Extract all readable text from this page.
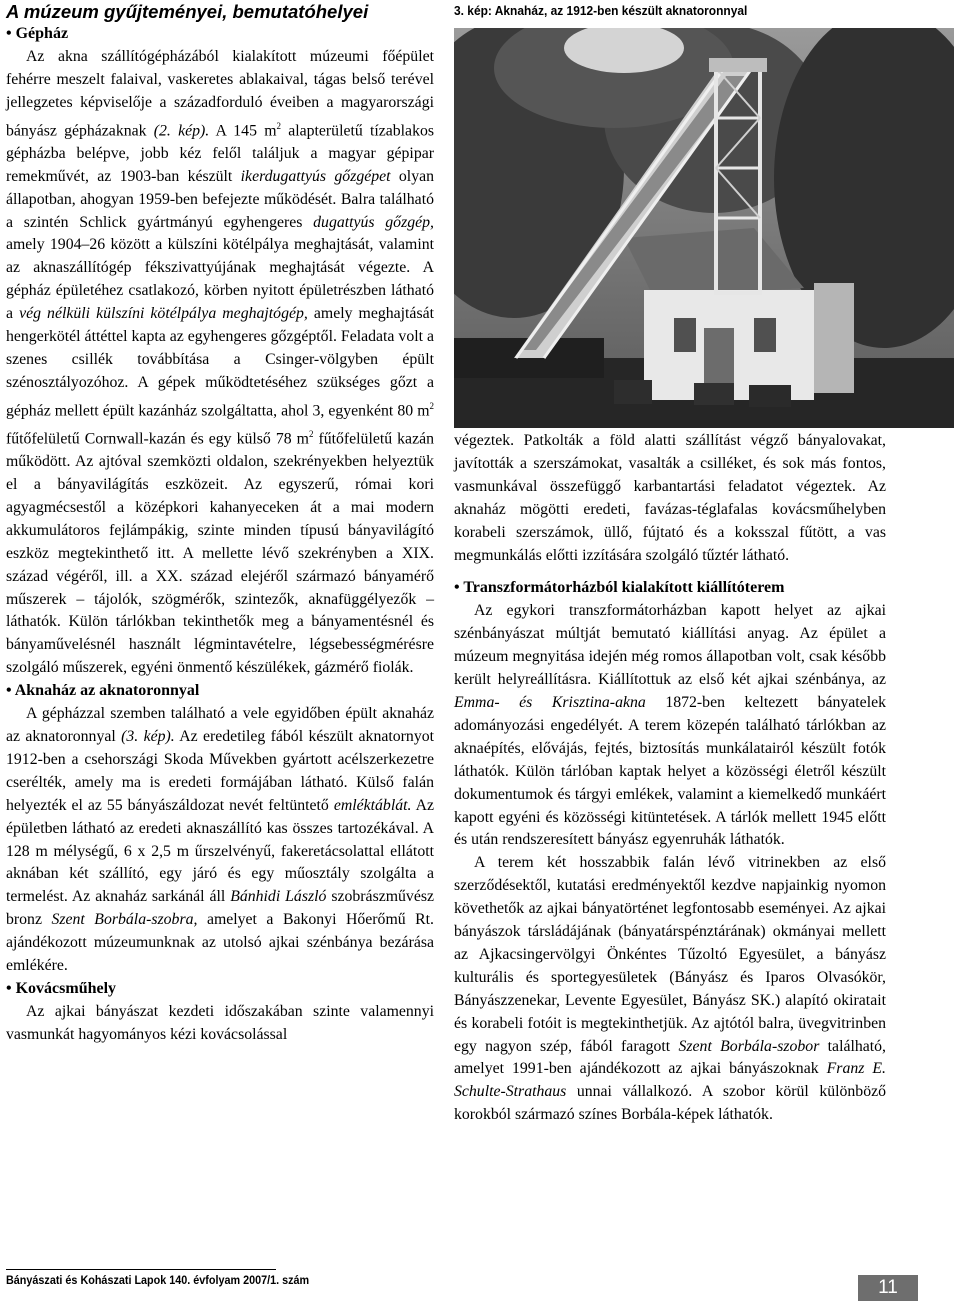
A múzeum gyűjteményei, bemutatóhelyei

• Gépház

Az akna szállítógépházából kialakított múzeumi főépület fehérre meszelt falaival, vaskeretes ablakaival, tágas belső terével jellegzetes képviselője a századforduló éveiben a magyarországi bányász gépházaknak (2. kép). A 145 $m^2$ alapterületű tízablakos gépházba belépve, jobb kéz felől találjuk a magyar gépipar remekművét, az 1903-ban készült ikerdugattyús gőzgépet olyan állapotban, ahogyan 1959-ben befejezte működését. Balra található a szintén Schlick gyártmányú egyhengeres dugattyús gőzgép, amely 1904–26 között a külszíni kötélpálya meghajtását, valamint az aknaszállítógép fékszivattyújának meghajtását végezte. A gépház épületéhez csatlakozó, körben nyitott épületrészben látható a vég nélküli külszíni kötélpálya meghajtógép, amely meghajtását hengerkötél áttéttel kapta az egyhengeres gőzgéptől. Feladata volt a szenes csillék továbbítása a Csinger-völgyben épült szénosztályozóhoz. A gépek működtetéséhez szükséges gőzt a gépház mellett épült kazánház szolgáltatta, ahol 3, egyenként 80 $m^2$ fűtőfelületű Cornwall-kazán és egy külső 78 $m^2$ fűtőfelületű kazán működött. Az ajtóval szemközti oldalon, szekrényekben helyeztük el a bányavilágítás eszközeit. Az egyszerű, római kori agyagmécsestől a középkori kahanyeceken át a mai modern akkumulátoros fejlámpákig, szinte minden típusú bányavilágító eszköz megtekinthető itt. A mellette lévő szekrényben a XIX. század végéről, ill. a XX. század elejéről származó bányamérő műszerek – tájolók, szögmérők, szintezők, aknafüggélyezők – láthatók. Külön tárlókban tekinthetők meg a bányamentésnél és bányaművelésnél használt légmintavételre, légsebességmérésre szolgáló műszerek, egyéni önmentő készülékek, gázmérő fiolák.

• Aknaház az aknatoronnyal

A gépházzal szemben található a vele egyidőben épült aknaház az aknatoronnyal (3. kép). Az eredetileg fából készült aknatornyot 1912-ben a csehországi Skoda Művekben gyártott acélszerkezetre cserélték, amely ma is eredeti formájában látható. Külső falán helyezték el az 55 bányászáldozat nevét feltüntető emléktáblát. Az épületben látható az eredeti aknaszállító kas összes tartozékával. A 128 m mélységű, 6 x 2,5 m űrszelvényű, fakeretácsolattal ellátott aknában két szállító, egy járó és egy műosztály szolgálta a termelést. Az aknaház sarkánál áll Bánhidi László szobrászművész bronz Szent Borbála-szobra, amelyet a Bakonyi Hőerőmű Rt. ajándékozott múzeumunknak az utolsó ajkai szénbánya bezárása emlékére.

• Kovácsműhely

Az ajkai bányászat kezdeti időszakában szinte valamennyi vasmunkát hagyományos kézi kovácsolással

3. kép: Aknaház, az 1912-ben készült aknatoronnyal

végeztek. Patkolták a föld alatti szállítást végző bányalovakat, javították a szerszámokat, vasalták a csilléket, és sok más fontos, vasmunkával összefüggő karbantartási feladatot végeztek. Az aknaház mögötti eredeti, favázas-téglafalas kovácsműhelyben korabeli szerszámok, üllő, fújtató és a koksszal fűtött, a vas megmunkálás előtti izzítására szolgáló tűztér látható.

• Transzformátorházból kialakított kiállítóterem

Az egykori transzformátorházban kapott helyet az ajkai szénbányászat múltját bemutató kiállítási anyag. Az épület a múzeum megnyitása idején még romos állapotban volt, csak később került helyreállításra. Kiállítottuk az első két ajkai szénbánya, az Emma- és Krisztina-akna 1872-ben keltezett bányatelek adományozási engedélyét. A terem közepén található tárlókban az aknaépítés, elővájás, fejtés, biztosítás munkálatairól készült fotók láthatók. Külön tárlóban kaptak helyet a közösségi életről készült dokumentumok és tárgyi emlékek, valamint a kiemelkedő munkáért kapott egyéni és közösségi kitüntetések. A tárlók mellett 1945 előtt és után rendszeresített bányász egyenruhák láthatók.

A terem két hosszabbik falán lévő vitrinekben az első szerződésektől, kutatási eredményektől kezdve napjainkig nyomon követhetők az ajkai bányatörténet legfontosabb eseményei. Az ajkai bányászok társládájának (bányatárspénztárának) okmányai mellett az Ajkacsingervölgyi Önkéntes Tűzoltó Egyesület, a bányász kulturális és sportegyesületek (Bányász és Iparos Olvasókör, Bányászzenekar, Levente Egyesület, Bányász SK.) alapító okiratait és korabeli fotóit is megtekinthetjük. Az ajtótól balra, üvegvitrinben egy nagyon szép, fából faragott Szent Borbála-szobor található, amelyet 1991-ben ajándékozott az ajkai bányászoknak Franz E. Schulte-Strathaus unnai vállalkozó. A szobor körül különböző korokból származó színes Borbála-képek láthatók.

Bányászati és Kohászati Lapok 140. évfolyam 2007/1. szám	11
